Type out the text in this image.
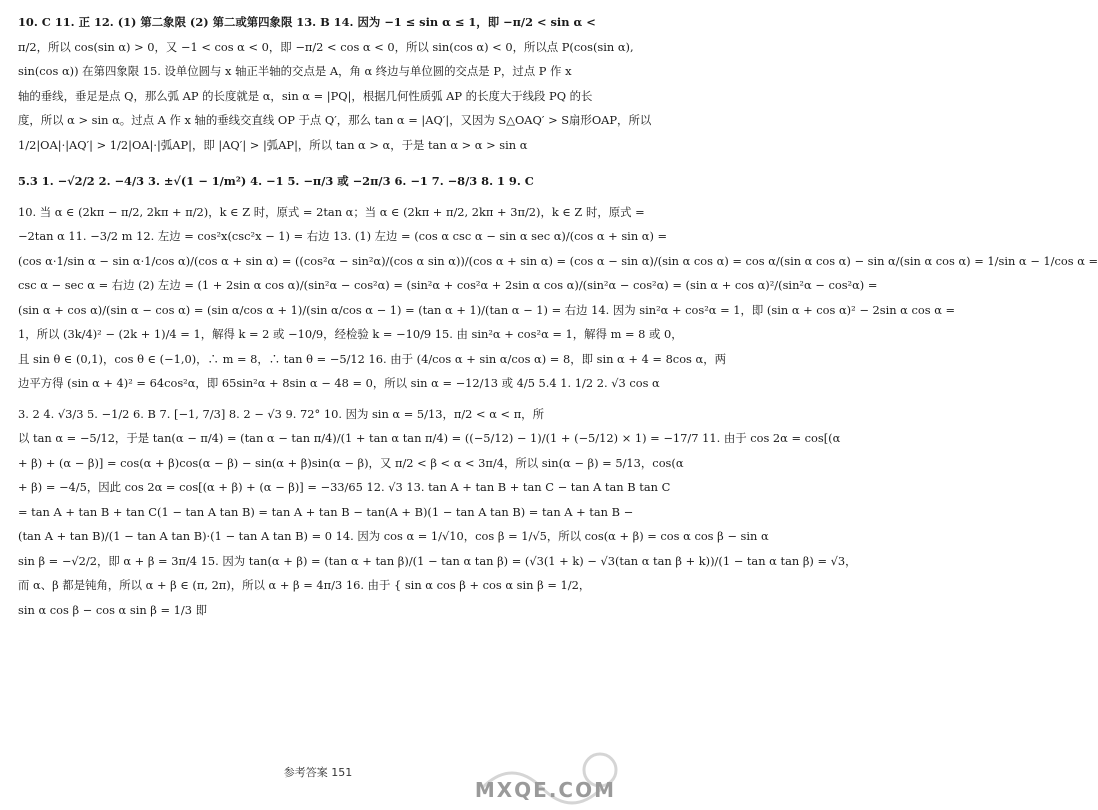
10. C 11. 正 12. (1) 第二象限 (2) 第二或第四象限 13. B 14. 因为 −1 ≤ sin α ≤ 1，即 −π/2 < sin α <
π/2，所以 cos(sin α) > 0，又 −1 < cos α < 0，即 −π/2 < cos α < 0，所以 sin(cos α) < 0，所以点 P(cos(sin α),
sin(cos α)) 在第四象限 15. 设单位圆与 x 轴正半轴的交点是 A，角 α 终边与单位圆的交点是 P，过点 P 作 x
轴的垂线，垂足是点 Q，那么弧 AP 的长度就是 α，sin α = |PQ|，根据几何性质弧 AP 的长度大于线段 PQ 的长
度，所以 α > sin α。过点 A 作 x 轴的垂线交直线 OP 于点 Q′，那么 tan α = |AQ′|，又因为 S△OAQ′ > S扇形OAP，所以
1/2|OA|·|AQ′| > 1/2|OA|·|弧AP|，即 |AQ′| > |弧AP|，所以 tan α > α，于是 tan α > α > sin α
5.3 1. −√2/2 2. −4/3 3. ±√(1 − 1/m²) 4. −1 5. −π/3 或 −2π/3 6. −1 7. −8/3 8. 1 9. C
10. 当 α ∈ (2kπ − π/2, 2kπ + π/2)，k ∈ Z 时，原式 = 2tan α；当 α ∈ (2kπ + π/2, 2kπ + 3π/2)，k ∈ Z 时，原式 =
−2tan α 11. −3/2 m 12. 左边 = cos²x(csc²x − 1) = 右边 13. (1) 左边 = (cos α csc α − sin α sec α)/(cos α + sin α) =
(cos α·1/sin α − sin α·1/cos α)/(cos α + sin α) = ((cos²α − sin²α)/(cos α sin α))/(cos α + sin α) = (cos α − sin α)/(sin α cos α) = cos α/(sin α cos α) − sin α/(sin α cos α) = 1/sin α − 1/cos α =
csc α − sec α = 右边 (2) 左边 = (1 + 2sin α cos α)/(sin²α − cos²α) = (sin²α + cos²α + 2sin α cos α)/(sin²α − cos²α) = (sin α + cos α)²/(sin²α − cos²α) =
(sin α + cos α)/(sin α − cos α) = (sin α/cos α + 1)/(sin α/cos α − 1) = (tan α + 1)/(tan α − 1) = 右边 14. 因为 sin²α + cos²α = 1，即 (sin α + cos α)² − 2sin α cos α =
1，所以 (3k/4)² − (2k + 1)/4 = 1，解得 k = 2 或 −10/9，经检验 k = −10/9 15. 由 sin²α + cos²α = 1，解得 m = 8 或 0，
且 sin θ ∈ (0,1)，cos θ ∈ (−1,0)，∴ m = 8，∴ tan θ = −5/12 16. 由于 (4/cos α + sin α/cos α) = 8，即 sin α + 4 = 8cos α，两
边平方得 (sin α + 4)² = 64cos²α，即 65sin²α + 8sin α − 48 = 0，所以 sin α = −12/13 或 4/5 5.4 1. 1/2 2. √3 cos α
3. 2 4. √3/3 5. −1/2 6. B 7. [−1, 7/3] 8. 2 − √3 9. 72° 10. 因为 sin α = 5/13，π/2 < α < π，所
以 tan α = −5/12，于是 tan(α − π/4) = (tan α − tan π/4)/(1 + tan α tan π/4) = ((−5/12) − 1)/(1 + (−5/12) × 1) = −17/7 11. 由于 cos 2α = cos[(α
+ β) + (α − β)] = cos(α + β)cos(α − β) − sin(α + β)sin(α − β)，又 π/2 < β < α < 3π/4，所以 sin(α − β) = 5/13，cos(α
+ β) = −4/5，因此 cos 2α = cos[(α + β) + (α − β)] = −33/65 12. √3 13. tan A + tan B + tan C − tan A tan B tan C
= tan A + tan B + tan C(1 − tan A tan B) = tan A + tan B − tan(A + B)(1 − tan A tan B) = tan A + tan B −
(tan A + tan B)/(1 − tan A tan B)·(1 − tan A tan B) = 0 14. 因为 cos α = 1/√10，cos β = 1/√5，所以 cos(α + β) = cos α cos β − sin α
sin β = −√2/2，即 α + β = 3π/4 15. 因为 tan(α + β) = (tan α + tan β)/(1 − tan α tan β) = (√3(1 + k) − √3(tan α tan β + k))/(1 − tan α tan β) = √3，
而 α、β 都是钝角，所以 α + β ∈ (π, 2π)，所以 α + β = 4π/3 16. 由于 { sin α cos β + cos α sin β = 1/2，
sin α cos β − cos α sin β = 1/3 即
参考答案 151
MXQE.COM
